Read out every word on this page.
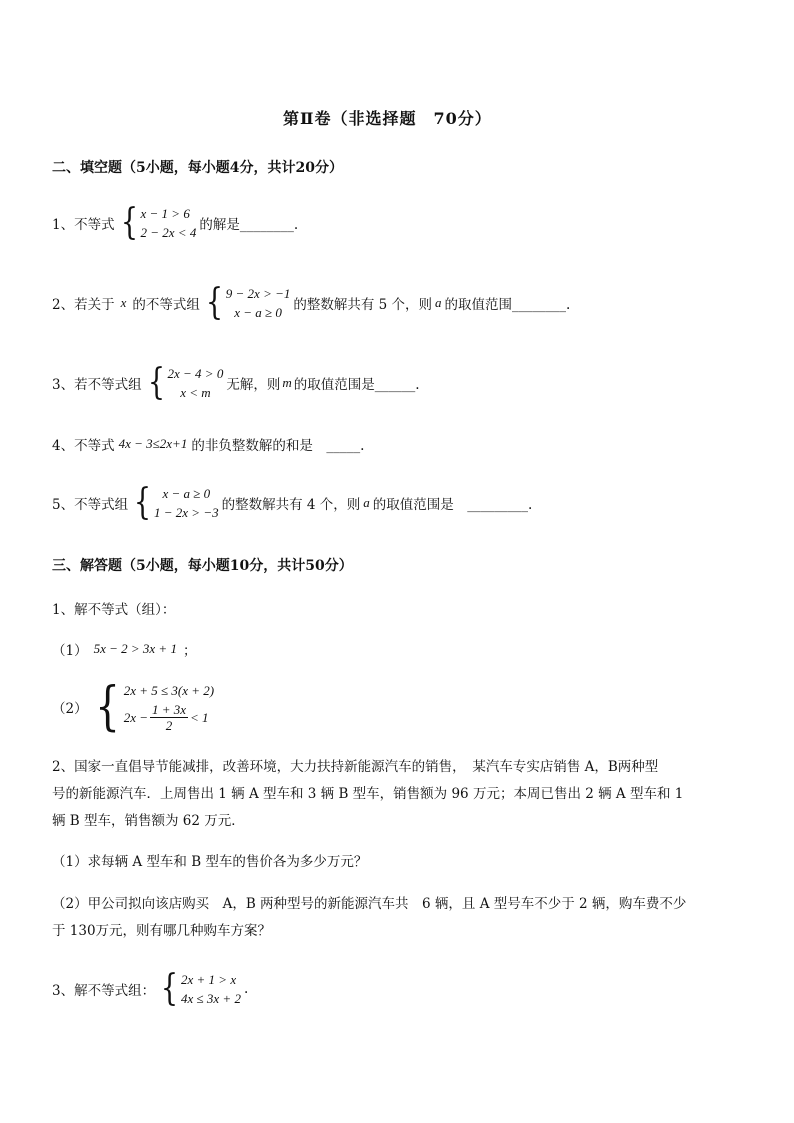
第Ⅱ卷（非选择题　70分）
二、填空题（5小题，每小题4分，共计20分）
1、不等式 { x − 1 > 6
2 − 2x < 4 的解是________.
2、若关于 x 的不等式组 { 9 − 2x > −1
x − a ≥ 0 的整数解共有 5 个，则 a 的取值范围________.
3、若不等式组 { 2x − 4 > 0
x < m	无解，则 m 的取值范围是______.
4、不等式 4x − 3≤2x+1 的非负整数解的和是　_____.
5、不等式组 { x − a ≥ 0
1 − 2x > −3 的整数解共有 4 个，则 a 的取值范围是　_________.
三、解答题（5小题，每小题10分，共计50分）
1、解不等式（组）：
（1） 5x − 2 > 3x + 1 ；
（2） { 2x + 5 ≤ 3(x + 2)
$2x - \frac{1 + 3x}{2} < 1$
2、国家一直倡导节能减排，改善环境，大力扶持新能源汽车的销售，　某汽车专实店销售 A，B两种型
号的新能源汽车．上周售出 1 辆 A 型车和 3 辆 B 型车，销售额为 96 万元；本周已售出 2 辆 A 型车和 1
辆 B 型车，销售额为 62 万元．
（1）求每辆 A 型车和 B 型车的售价各为多少万元？
（2）甲公司拟向该店购买　A，B 两种型号的新能源汽车共　6 辆，且 A 型号车不少于 2 辆，购车费不少
于 130万元，则有哪几种购车方案？
3、解不等式组： { 2x + 1 > x
4x ≤ 3x + 2
.
